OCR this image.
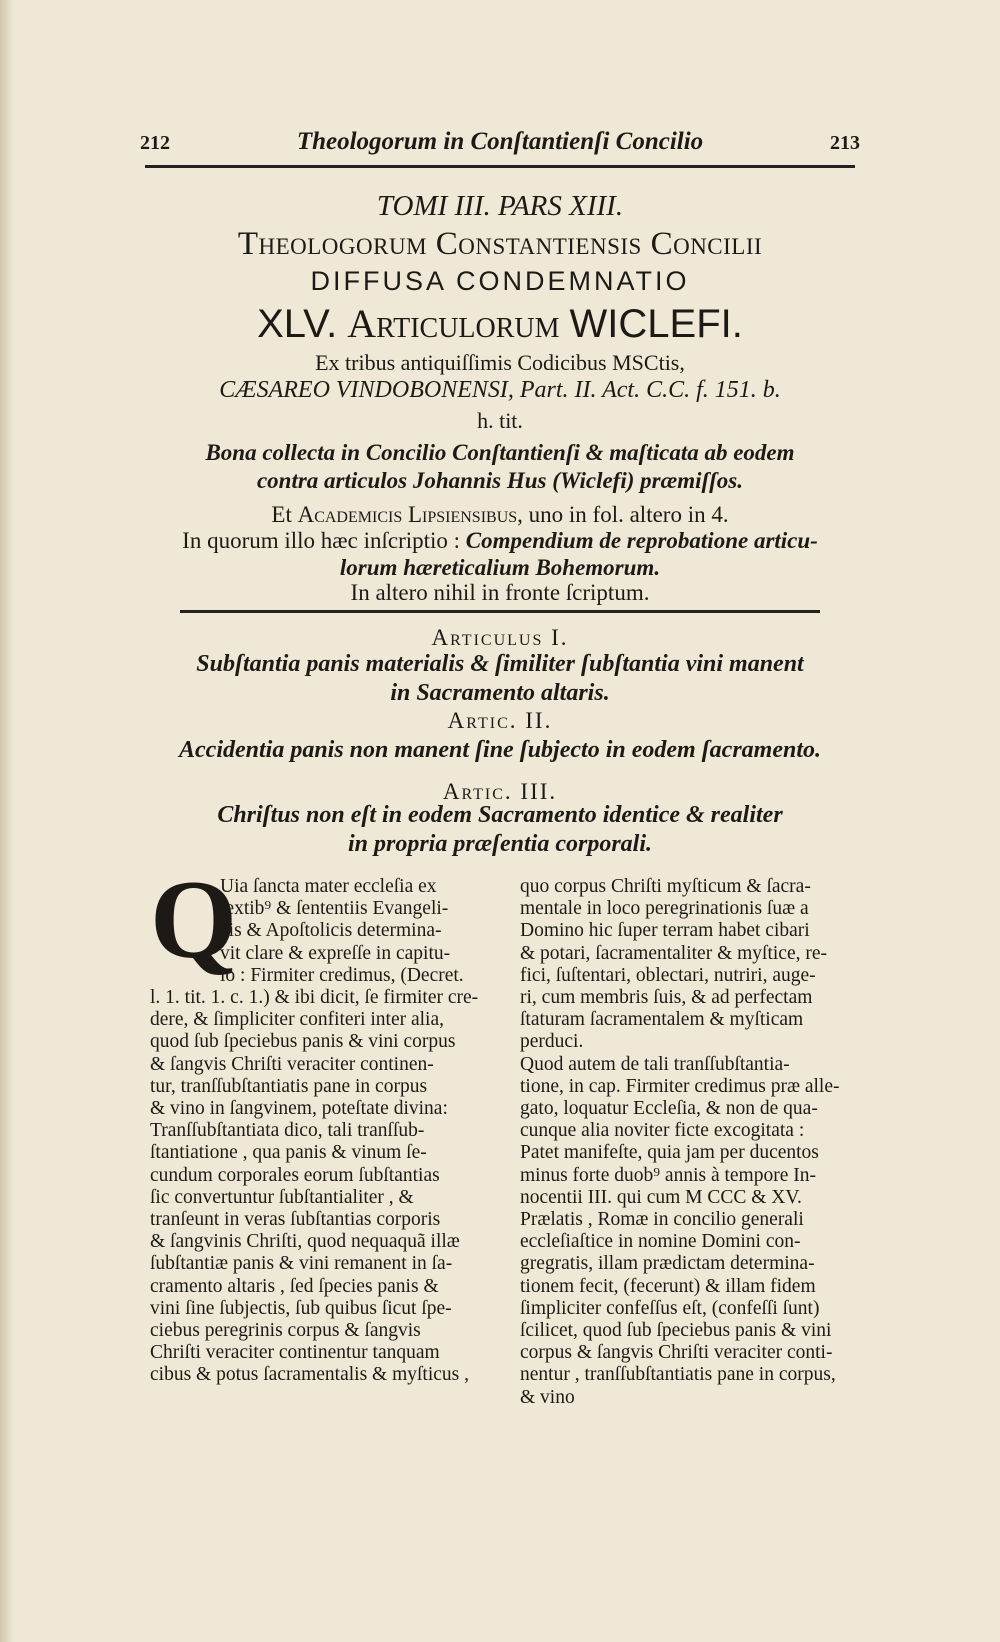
212	Theologorum in Conſtantienſi Concilio	213
TOMI III. PARS XIII.
Theologorum Constantiensis Concilii
DIFFUSA CONDEMNATIO
XLV. Articulorum WICLEFI.
Ex tribus antiquiſſimis Codicibus MSCtis,
CÆSAREO VINDOBONENSI, Part. II. Act. C.C. f. 151. b.
h. tit.
Bona collecta in Concilio Conſtantienſi & maſticata ab eodem
contra articulos Johannis Hus (Wiclefi) præmiſſos.
Et Academicis Lipsiensibus, uno in fol. altero in 4.
In quorum illo hæc inſcriptio : Compendium de reprobatione articu-
lorum hæreticalium Bohemorum.
In altero nihil in fronte ſcriptum.
Articulus I.
Subſtantia panis materialis & ſimiliter ſubſtantia vini manent
in Sacramento altaris.
Artic. II.
Accidentia panis non manent ſine ſubjecto in eodem ſacramento.
Artic. III.
Chriſtus non eſt in eodem Sacramento identice & realiter
in propria præſentia corporali.
Q
Uia ſancta mater eccleſia ex
textib⁹ & ſententiis Evangeli-
cis & Apoſtolicis determina-
vit clare & expreſſe in capitu-
lo : Firmiter credimus, (Decret.
l. 1. tit. 1. c. 1.) & ibi dicit, ſe firmiter cre-
dere, & ſimpliciter confiteri inter alia,
quod ſub ſpeciebus panis & vini corpus
& ſangvis Chriſti veraciter continen-
tur, tranſſubſtantiatis pane in corpus
& vino in ſangvinem, poteſtate divina:
Tranſſubſtantiata dico, tali tranſſub-
ſtantiatione , qua panis & vinum ſe-
cundum corporales eorum ſubſtantias
ſic convertuntur ſubſtantialiter , &
tranſeunt in veras ſubſtantias corporis
& ſangvinis Chriſti, quod nequaquã illæ
ſubſtantiæ panis & vini remanent in ſa-
cramento altaris , ſed ſpecies panis &
vini ſine ſubjectis, ſub quibus ſicut ſpe-
ciebus peregrinis corpus & ſangvis
Chriſti veraciter continentur tanquam
cibus & potus ſacramentalis & myſticus ,
quo corpus Chriſti myſticum & ſacra-
mentale in loco peregrinationis ſuæ a
Domino hic ſuper terram habet cibari
& potari, ſacramentaliter & myſtice, re-
fici, ſuſtentari, oblectari, nutriri, auge-
ri, cum membris ſuis, & ad perfectam
ſtaturam ſacramentalem & myſticam
perduci.
Quod autem de tali tranſſubſtantia-
tione, in cap. Firmiter credimus præ alle-
gato, loquatur Eccleſia, & non de qua-
cunque alia noviter ficte excogitata :
Patet manifeſte, quia jam per ducentos
minus forte duob⁹ annis à tempore In-
nocentii III. qui cum M CCC & XV.
Prælatis , Romæ in concilio generali
eccleſiaſtice in nomine Domini con-
gregratis, illam prædictam determina-
tionem fecit, (fecerunt) & illam fidem
ſimpliciter confeſſus eſt, (confeſſi ſunt)
ſcilicet, quod ſub ſpeciebus panis & vini
corpus & ſangvis Chriſti veraciter conti-
nentur , tranſſubſtantiatis pane in corpus,
& vino
